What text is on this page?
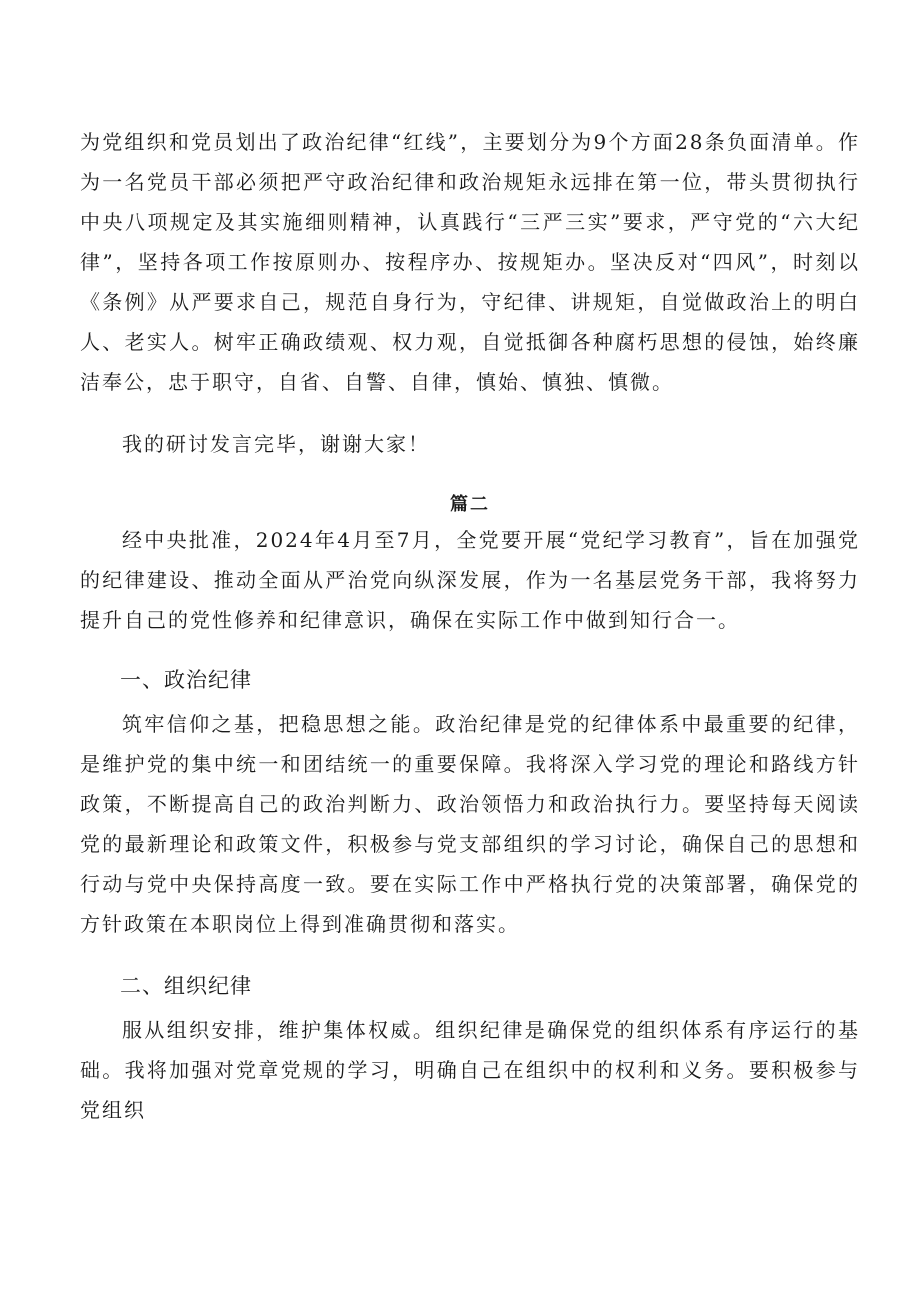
为党组织和党员划出了政治纪律“红线”，主要划分为9个方面28条负面清单。作为一名党员干部必须把严守政治纪律和政治规矩永远排在第一位，带头贯彻执行中央八项规定及其实施细则精神，认真践行“三严三实”要求，严守党的“六大纪律”，坚持各项工作按原则办、按程序办、按规矩办。坚决反对“四风”，时刻以《条例》从严要求自己，规范自身行为，守纪律、讲规矩，自觉做政治上的明白人、老实人。树牢正确政绩观、权力观，自觉抵御各种腐朽思想的侵蚀，始终廉洁奉公，忠于职守，自省、自警、自律，慎始、慎独、慎微。

我的研讨发言完毕，谢谢大家！

篇二

经中央批准，2024年4月至7月，全党要开展“党纪学习教育”，旨在加强党的纪律建设、推动全面从严治党向纵深发展，作为一名基层党务干部，我将努力提升自己的党性修养和纪律意识，确保在实际工作中做到知行合一。

一、政治纪律

筑牢信仰之基，把稳思想之能。政治纪律是党的纪律体系中最重要的纪律，是维护党的集中统一和团结统一的重要保障。我将深入学习党的理论和路线方针政策，不断提高自己的政治判断力、政治领悟力和政治执行力。要坚持每天阅读党的最新理论和政策文件，积极参与党支部组织的学习讨论，确保自己的思想和行动与党中央保持高度一致。要在实际工作中严格执行党的决策部署，确保党的方针政策在本职岗位上得到准确贯彻和落实。

二、组织纪律

服从组织安排，维护集体权威。组织纪律是确保党的组织体系有序运行的基础。我将加强对党章党规的学习，明确自己在组织中的权利和义务。要积极参与党组织
